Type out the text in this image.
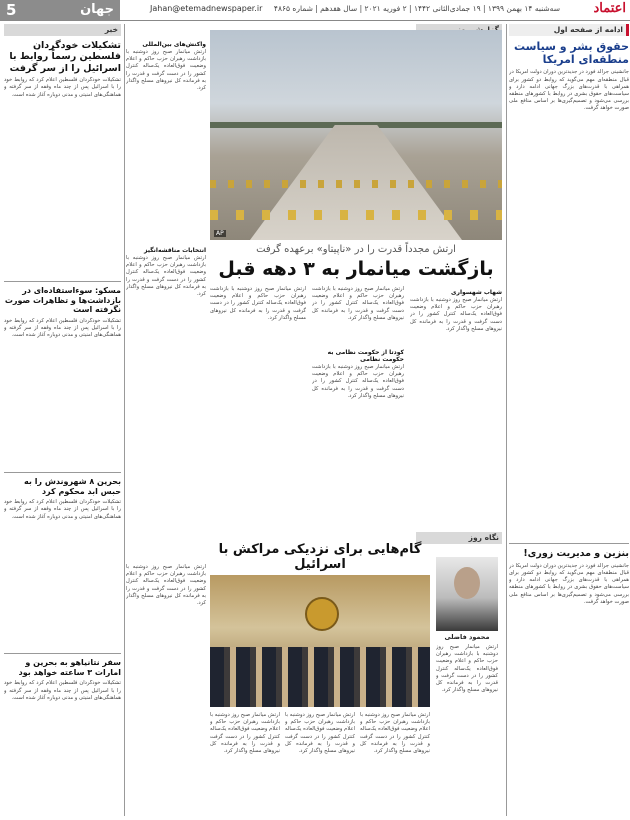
5	جهان	Jahan@etemadnewspaper.ir	سه‌شنبه ۱۴ بهمن ۱۳۹۹ | ۱۹ جمادی‌الثانی ۱۴۴۲ | ۲ فوریه ۲۰۲۱ | سال هفدهم | شماره ۴۸۶۵	اعتماد
ادامه از صفحه اول
حقوق بشر و سیاست منطقه‌ای امریکا
جانشینی جرالد فورد در جدیدترین دوران دولت امریکا در قبال منطقه‌ای مهم می‌گوید که روابط دو کشور برای همراهی با قدرت‌های بزرگ جهانی ادامه دارد و سیاست‌های حقوق بشری در روابط با کشورهای منطقه بررسی می‌شود و تصمیم‌گیری‌ها بر اساس منافع ملی صورت خواهد گرفت.
بنزین و مدیریت زوری!
جانشینی جرالد فورد در جدیدترین دوران دولت امریکا در قبال منطقه‌ای مهم می‌گوید که روابط دو کشور برای همراهی با قدرت‌های بزرگ جهانی ادامه دارد و سیاست‌های حقوق بشری در روابط با کشورهای منطقه بررسی می‌شود و تصمیم‌گیری‌ها بر اساس منافع ملی صورت خواهد گرفت.
خبر
تشکیلات خودگردان فلسطین رسماً روابط با اسرائیل را از سر گرفت
تشکیلات خودگردان فلسطین اعلام کرد که روابط خود را با اسرائیل پس از چند ماه وقفه از سر گرفته و هماهنگی‌های امنیتی و مدنی دوباره آغاز شده است.
مسکو: سوءاستفاده‌ای در بازداشت‌ها و تظاهرات صورت نگرفته است
تشکیلات خودگردان فلسطین اعلام کرد که روابط خود را با اسرائیل پس از چند ماه وقفه از سر گرفته و هماهنگی‌های امنیتی و مدنی دوباره آغاز شده است.
بحرین ۸ شهروندش را به حبس ابد محکوم کرد
تشکیلات خودگردان فلسطین اعلام کرد که روابط خود را با اسرائیل پس از چند ماه وقفه از سر گرفته و هماهنگی‌های امنیتی و مدنی دوباره آغاز شده است.
سفر نتانیاهو به بحرین و امارات ۳ ساعته خواهد بود
تشکیلات خودگردان فلسطین اعلام کرد که روابط خود را با اسرائیل پس از چند ماه وقفه از سر گرفته و هماهنگی‌های امنیتی و مدنی دوباره آغاز شده است.
واکنش‌های بین‌المللی
ارتش میانمار صبح روز دوشنبه با بازداشت رهبران حزب حاکم و اعلام وضعیت فوق‌العاده یک‌ساله کنترل کشور را در دست گرفت و قدرت را به فرمانده کل نیروهای مسلح واگذار کرد.
انتخابات مناقشه‌انگیز
ارتش میانمار صبح روز دوشنبه با بازداشت رهبران حزب حاکم و اعلام وضعیت فوق‌العاده یک‌ساله کنترل کشور را در دست گرفت و قدرت را به فرمانده کل نیروهای مسلح واگذار کرد.
AP
ارتش مجدداً قدرت را در «ناپیتاو» برعهده گرفت
بازگشت میانمار به ۳ دهه قبل
شهاب شهسواری
ارتش میانمار صبح روز دوشنبه با بازداشت رهبران حزب حاکم و اعلام وضعیت فوق‌العاده یک‌ساله کنترل کشور را در دست گرفت و قدرت را به فرمانده کل نیروهای مسلح واگذار کرد.
ارتش میانمار صبح روز دوشنبه با بازداشت رهبران حزب حاکم و اعلام وضعیت فوق‌العاده یک‌ساله کنترل کشور را در دست گرفت و قدرت را به فرمانده کل نیروهای مسلح واگذار کرد.
کودتا از حکومت نظامی به حکومت نظامی
ارتش میانمار صبح روز دوشنبه با بازداشت رهبران حزب حاکم و اعلام وضعیت فوق‌العاده یک‌ساله کنترل کشور را در دست گرفت و قدرت را به فرمانده کل نیروهای مسلح واگذار کرد.
ارتش میانمار صبح روز دوشنبه با بازداشت رهبران حزب حاکم و اعلام وضعیت فوق‌العاده یک‌ساله کنترل کشور را در دست گرفت و قدرت را به فرمانده کل نیروهای مسلح واگذار کرد.
نگاه روز
گام‌هایی برای نزدیکی مراکش با اسرائیل
محمود فاضلی
ارتش میانمار صبح روز دوشنبه با بازداشت رهبران حزب حاکم و اعلام وضعیت فوق‌العاده یک‌ساله کنترل کشور را در دست گرفت و قدرت را به فرمانده کل نیروهای مسلح واگذار کرد.
ارتش میانمار صبح روز دوشنبه با بازداشت رهبران حزب حاکم و اعلام وضعیت فوق‌العاده یک‌ساله کنترل کشور را در دست گرفت و قدرت را به فرمانده کل نیروهای مسلح واگذار کرد.
ارتش میانمار صبح روز دوشنبه با بازداشت رهبران حزب حاکم و اعلام وضعیت فوق‌العاده یک‌ساله کنترل کشور را در دست گرفت و قدرت را به فرمانده کل نیروهای مسلح واگذار کرد.
ارتش میانمار صبح روز دوشنبه با بازداشت رهبران حزب حاکم و اعلام وضعیت فوق‌العاده یک‌ساله کنترل کشور را در دست گرفت و قدرت را به فرمانده کل نیروهای مسلح واگذار کرد.
ارتش میانمار صبح روز دوشنبه با بازداشت رهبران حزب حاکم و اعلام وضعیت فوق‌العاده یک‌ساله کنترل کشور را در دست گرفت و قدرت را به فرمانده کل نیروهای مسلح واگذار کرد.
